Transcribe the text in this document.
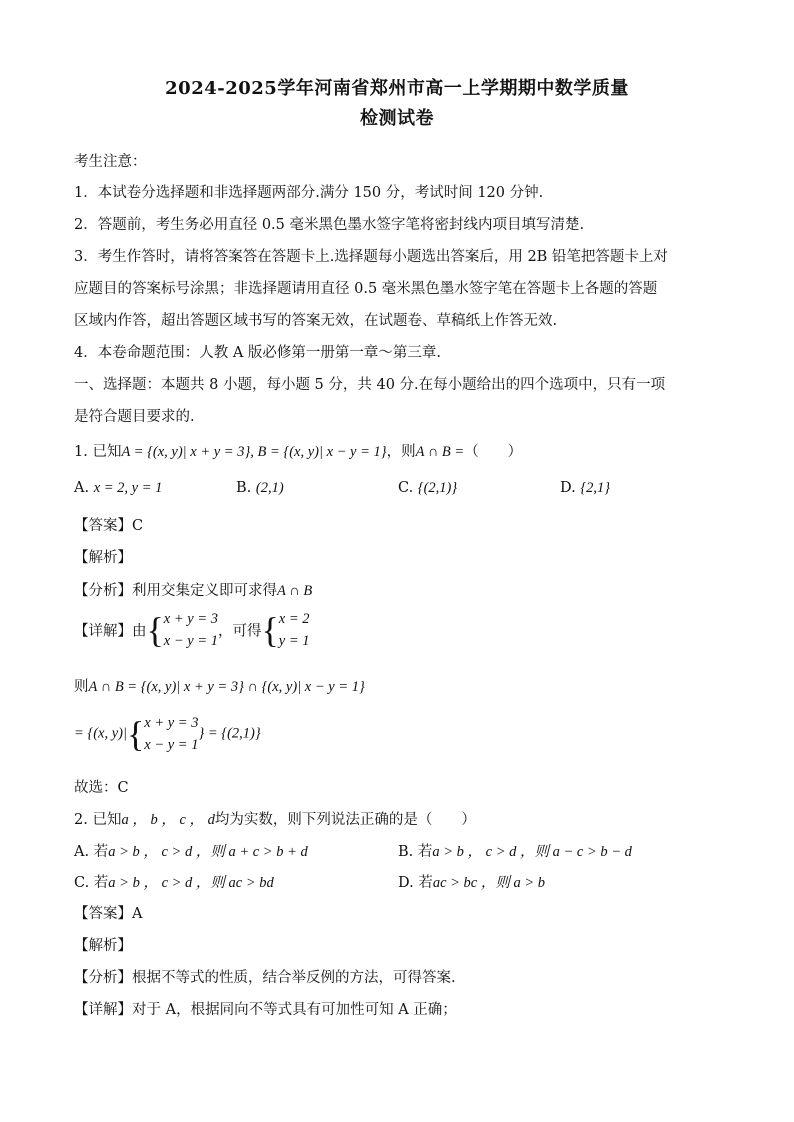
2024-2025学年河南省郑州市高一上学期期中数学质量
检测试卷
考生注意：
1．本试卷分选择题和非选择题两部分.满分 150 分，考试时间 120 分钟.
2．答题前，考生务必用直径 0.5 毫米黑色墨水签字笔将密封线内项目填写清楚.
3．考生作答时，请将答案答在答题卡上.选择题每小题选出答案后，用 2B 铅笔把答题卡上对
应题目的答案标号涂黑；非选择题请用直径 0.5 毫米黑色墨水签字笔在答题卡上各题的答题
区域内作答，超出答题区域书写的答案无效，在试题卷、草稿纸上作答无效.
4．本卷命题范围：人教 A 版必修第一册第一章～第三章.
一、选择题：本题共 8 小题，每小题 5 分，共 40 分.在每小题给出的四个选项中，只有一项
是符合题目要求的.
1. 已知A = {(x, y)| x + y = 3}, B = {(x, y)| x − y = 1}，则A ∩ B =（　　）
A. x = 2, y = 1	B. (2,1)	C. {(2,1)}	D. {2,1}
【答案】C
【解析】
【分析】利用交集定义即可求得A ∩ B
【详解】由{x + y = 3
x − y = 1，可得{x = 2
y = 1
则A ∩ B = {(x, y)| x + y = 3} ∩ {(x, y)| x − y = 1}
= {(x, y)|{x + y = 3
x − y = 1} = {(2,1)}
故选：C
2. 已知a ， b ， c ， d均为实数，则下列说法正确的是（　　）
A. 若a > b ， c > d ，则 a + c > b + d	B. 若a > b ， c > d ，则 a − c > b − d
C. 若a > b ， c > d ，则 ac > bd	D. 若ac > bc ，则 a > b
【答案】A
【解析】
【分析】根据不等式的性质，结合举反例的方法，可得答案.
【详解】对于 A，根据同向不等式具有可加性可知 A 正确；
